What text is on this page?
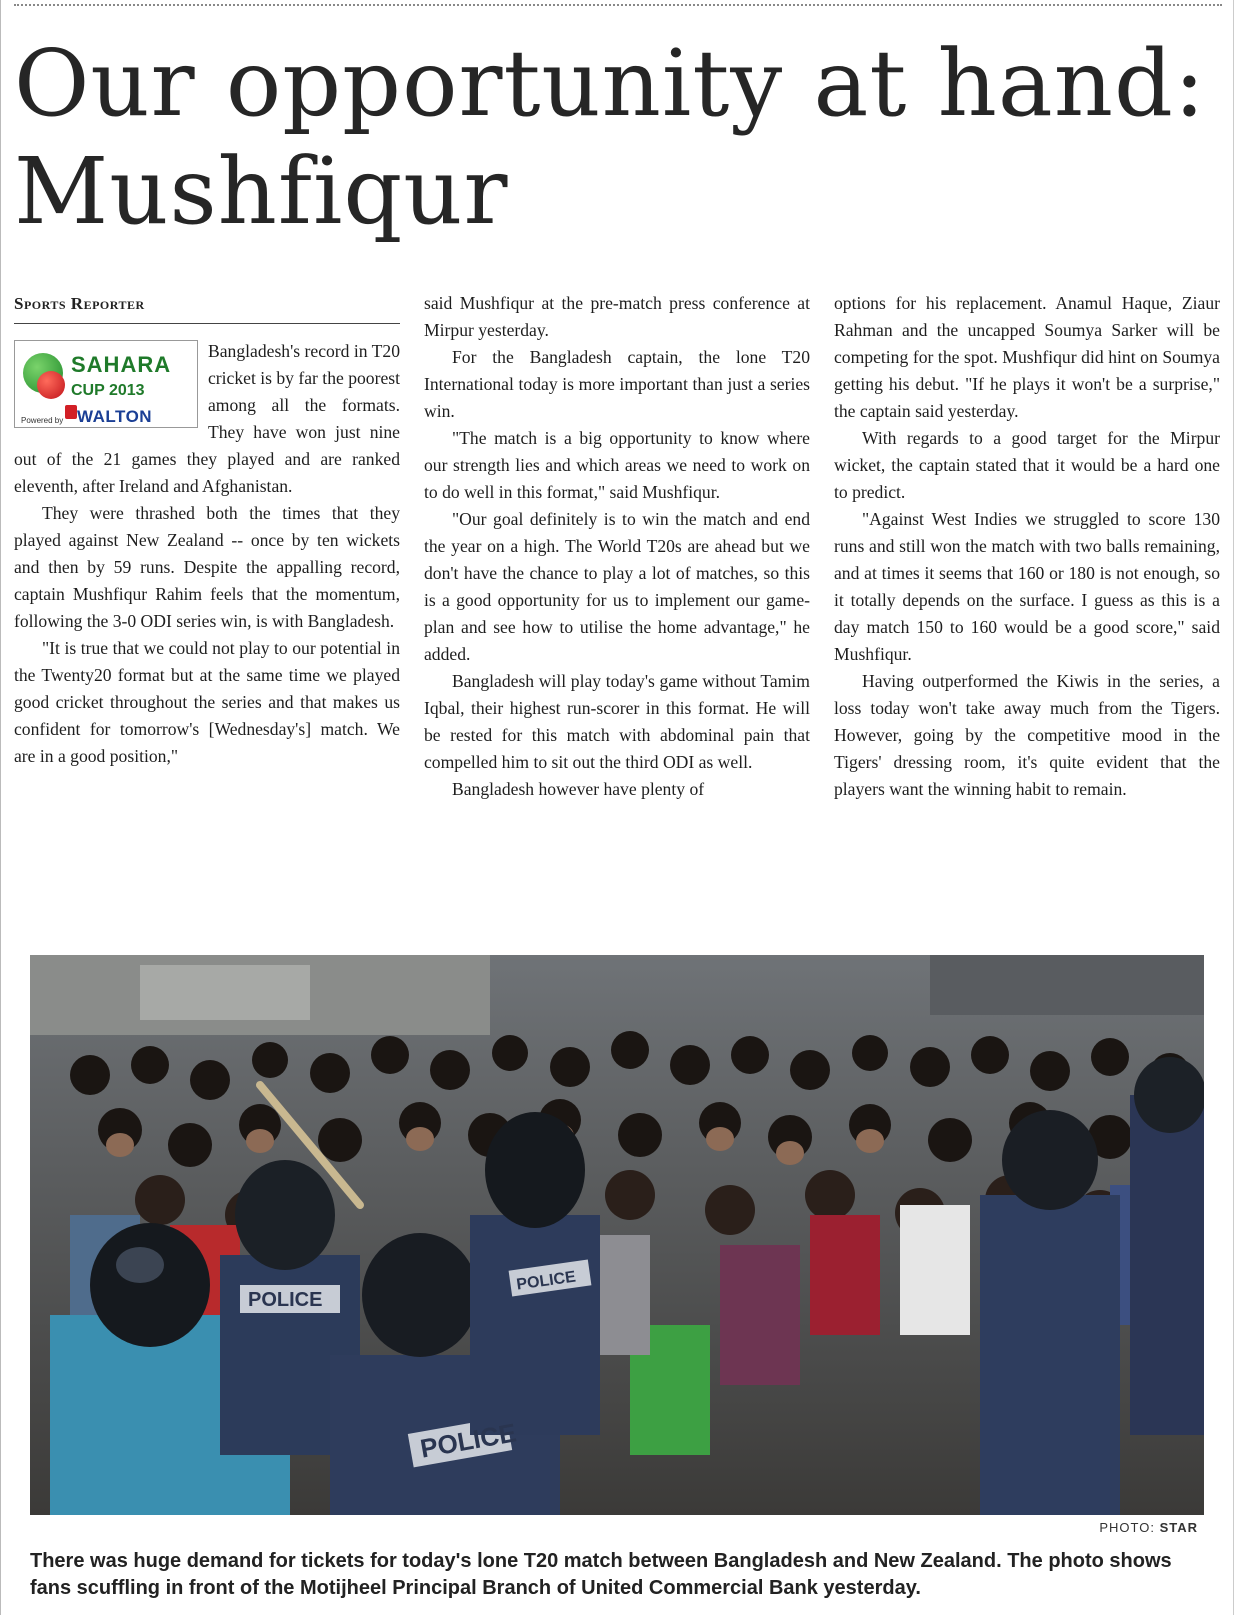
Our opportunity at hand: Mushfiqur
Sports Reporter
SAHARA
CUP 2013
Powered by WALTON

Bangladesh's record in T20 cricket is by far the poorest among all the formats. They have won just nine out of the 21 games they played and are ranked eleventh, after Ireland and Afghanistan.

They were thrashed both the times that they played against New Zealand -- once by ten wickets and then by 59 runs. Despite the appalling record, captain Mushfiqur Rahim feels that the momentum, following the 3-0 ODI series win, is with Bangladesh.

"It is true that we could not play to our potential in the Twenty20 format but at the same time we played good cricket throughout the series and that makes us confident for tomorrow's [Wednesday's] match. We are in a good position,"

said Mushfiqur at the pre-match press conference at Mirpur yesterday.

For the Bangladesh captain, the lone T20 International today is more important than just a series win.

"The match is a big opportunity to know where our strength lies and which areas we need to work on to do well in this format," said Mushfiqur.

"Our goal definitely is to win the match and end the year on a high. The World T20s are ahead but we don't have the chance to play a lot of matches, so this is a good opportunity for us to implement our game-plan and see how to utilise the home advantage," he added.

Bangladesh will play today's game without Tamim Iqbal, their highest run-scorer in this format. He will be rested for this match with abdominal pain that compelled him to sit out the third ODI as well.

Bangladesh however have plenty of

options for his replacement. Anamul Haque, Ziaur Rahman and the uncapped Soumya Sarker will be competing for the spot. Mushfiqur did hint on Soumya getting his debut. "If he plays it won't be a surprise," the captain said yesterday.

With regards to a good target for the Mirpur wicket, the captain stated that it would be a hard one to predict.

"Against West Indies we struggled to score 130 runs and still won the match with two balls remaining, and at times it seems that 160 or 180 is not enough, so it totally depends on the surface. I guess as this is a day match 150 to 160 would be a good score," said Mushfiqur.

Having outperformed the Kiwis in the series, a loss today won't take away much from the Tigers. However, going by the competitive mood in the Tigers' dressing room, it's quite evident that the players want the winning habit to remain.

POLICE
POLICE
POLICE
PHOTO: STAR
There was huge demand for tickets for today's lone T20 match between Bangladesh and New Zealand. The photo shows fans scuffling in front of the Motijheel Principal Branch of United Commercial Bank yesterday.
